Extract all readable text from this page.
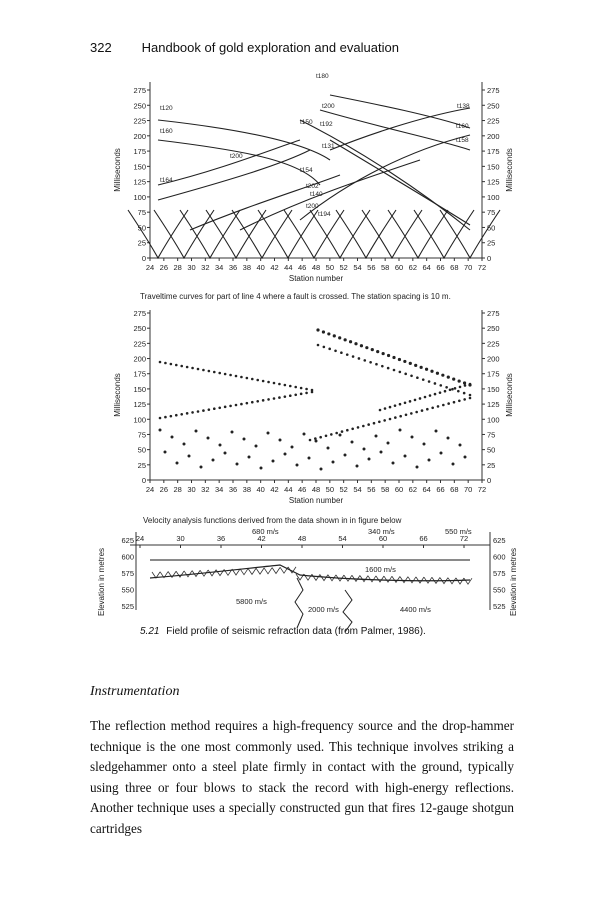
322 Handbook of gold exploration and evaluation
275
250
225
200
175
150
125
100
75
50
25
0
275
250
225
200
175
150
125
100
75
50
25
0
24 26 28 30 32 34 36 38 40 42 44 46 48 50 52 54 56 58 60 62 64 66 68 70 72
t180
t120	t200
t150
t160
t192
t138
t200
t131
t160
t154
t158
t164
t202
t140
t200
t194
Milliseconds	Milliseconds
Station number
Traveltime curves for part of line 4 where a fault is crossed. The station spacing is 10 m.
275
250
225
200
175
150
125
100
75
50
25
0
275
250
225
200
175
150
125
100
75
50
25
0
24 26 28 30 32 34 36 38 40 42 44 46 48 50 52 54 56 58 60 62 64 66 68 70 72
Milliseconds	Milliseconds
Station number
Velocity analysis functions derived from the data shown in in figure below
24	30	36	42	48	54	60	66	72
625
600
575
550
525
625
600
575
550
525
680 m/s	340 m/s	550 m/s
1600 m/s
5800 m/s
2000 m/s	4400 m/s
Elevation in metres	Elevation in metres
5.21 Field profile of seismic refraction data (from Palmer, 1986).
Instrumentation

The reflection method requires a high-frequency source and the drop-hammer technique is the one most commonly used. This technique involves striking a sledgehammer onto a steel plate firmly in contact with the ground, typically using three or four blows to stack the record with high-energy reflections. Another technique uses a specially constructed gun that fires 12-gauge shotgun cartridges
